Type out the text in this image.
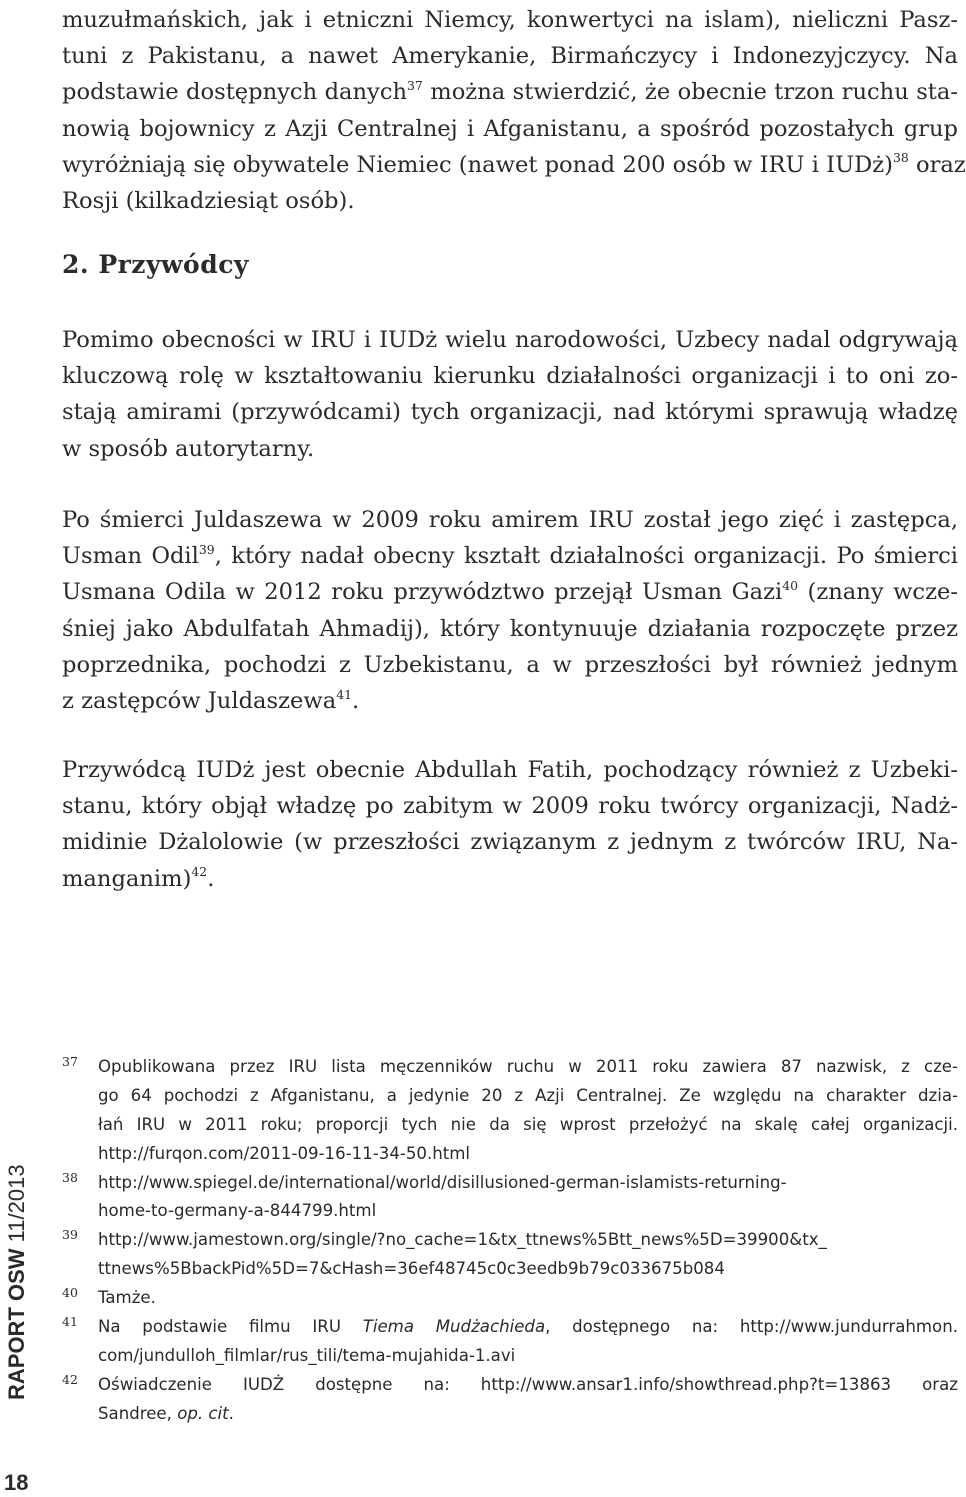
muzułmańskich, jak i etniczni Niemcy, konwertyci na islam), nieliczni Pasz-
tuni z Pakistanu, a nawet Amerykanie, Birmańczycy i Indonezyjczycy. Na
podstawie dostępnych danych$^{37}$ można stwierdzić, że obecnie trzon ruchu sta-
nowią bojownicy z Azji Centralnej i Afganistanu, a spośród pozostałych grup
wyróżniają się obywatele Niemiec (nawet ponad 200 osób w IRU i IUDż)$^{38}$ oraz
Rosji (kilkadziesiąt osób).
2. Przywódcy
Pomimo obecności w IRU i IUDż wielu narodowości, Uzbecy nadal odgrywają
kluczową rolę w kształtowaniu kierunku działalności organizacji i to oni zo-
stają amirami (przywódcami) tych organizacji, nad którymi sprawują władzę
w sposób autorytarny.
Po śmierci Juldaszewa w 2009 roku amirem IRU został jego zięć i zastępca,
Usman Odil$^{39}$, który nadał obecny kształt działalności organizacji. Po śmierci
Usmana Odila w 2012 roku przywództwo przejął Usman Gazi$^{40}$ (znany wcze-
śniej jako Abdulfatah Ahmadij), który kontynuuje działania rozpoczęte przez
poprzednika, pochodzi z Uzbekistanu, a w przeszłości był również jednym
z zastępców Juldaszewa$^{41}$.
Przywódcą IUDż jest obecnie Abdullah Fatih, pochodzący również z Uzbeki-
stanu, który objął władzę po zabitym w 2009 roku twórcy organizacji, Nadż-
midinie Dżalolowie (w przeszłości związanym z jednym z twórców IRU, Na-
manganim)$^{42}$.
37 Opublikowana przez IRU lista męczenników ruchu w 2011 roku zawiera 87 nazwisk, z cze-
go 64 pochodzi z Afganistanu, a jedynie 20 z Azji Centralnej. Ze względu na charakter dzia-
łań IRU w 2011 roku; proporcji tych nie da się wprost przełożyć na skalę całej organizacji.
http://furqon.com/2011-09-16-11-34-50.html
38 http://www.spiegel.de/international/world/disillusioned-german-islamists-returning-
home-to-germany-a-844799.html
39 http://www.jamestown.org/single/?no_cache=1&tx_ttnews%5Btt_news%5D=39900&tx_
ttnews%5BbackPid%5D=7&cHash=36ef48745c0c3eedb9b79c033675b084
40 Tamże.
41 Na podstawie filmu IRU Tiema Mudżachieda, dostępnego na: http://www.jundurrahmon.
com/jundulloh_filmlar/rus_tili/tema-mujahida-1.avi
42 Oświadczenie IUDŻ dostępne na: http://www.ansar1.info/showthread.php?t=13863 oraz
Sandree, op. cit.
RAPORT OSW 11/2013
18
